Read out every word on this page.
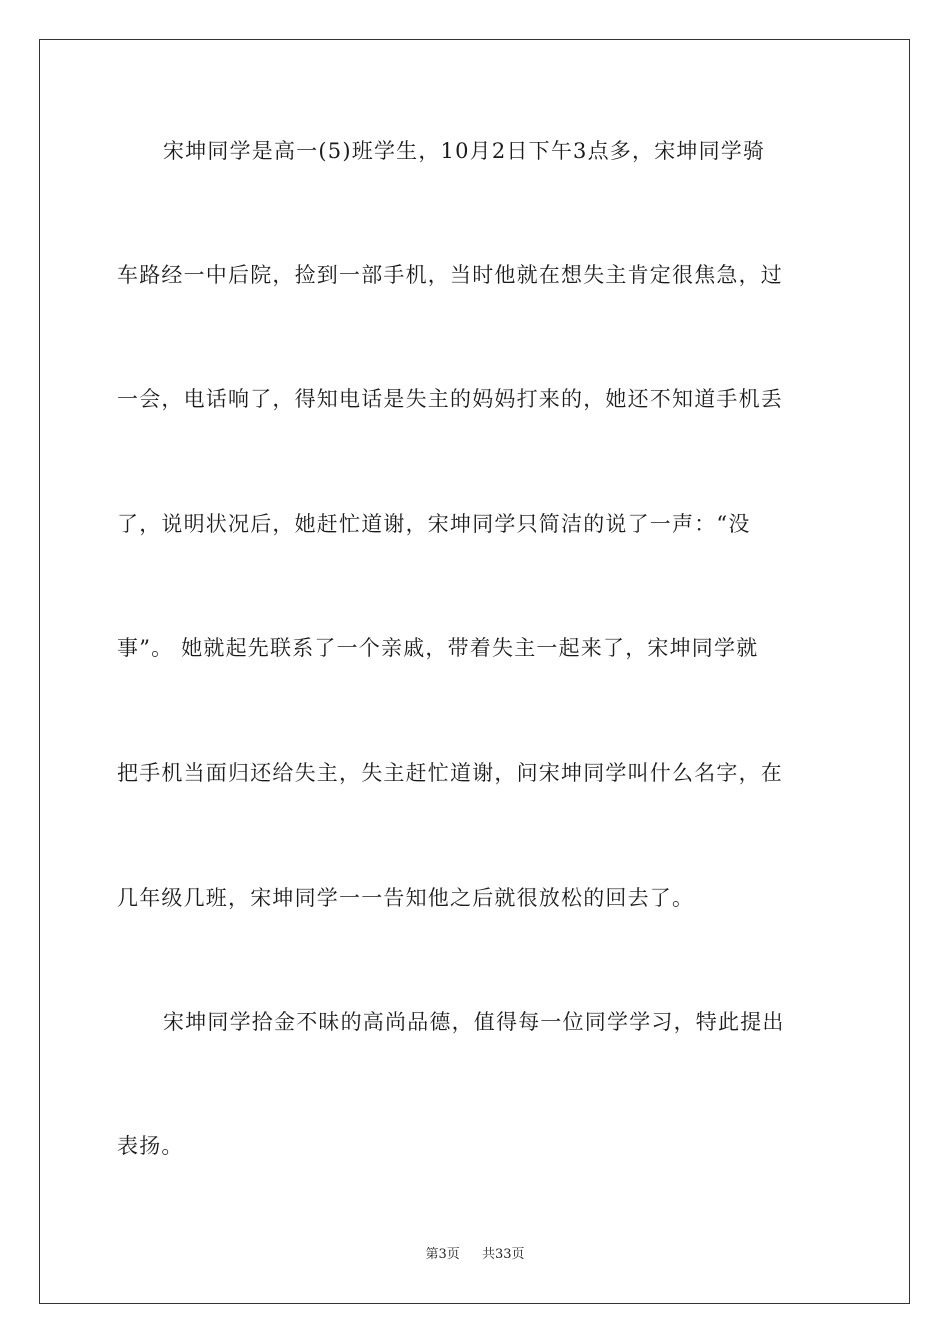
宋坤同学是高一(5)班学生，10月2日下午3点多，宋坤同学骑
车路经一中后院，捡到一部手机，当时他就在想失主肯定很焦急，过
一会，电话响了，得知电话是失主的妈妈打来的，她还不知道手机丢
了，说明状况后，她赶忙道谢，宋坤同学只简洁的说了一声：“没
事”。 她就起先联系了一个亲戚，带着失主一起来了，宋坤同学就
把手机当面归还给失主，失主赶忙道谢，问宋坤同学叫什么名字，在
几年级几班，宋坤同学一一告知他之后就很放松的回去了。
宋坤同学拾金不昧的高尚品德，值得每一位同学学习，特此提出
表扬。
第3页 共33页
